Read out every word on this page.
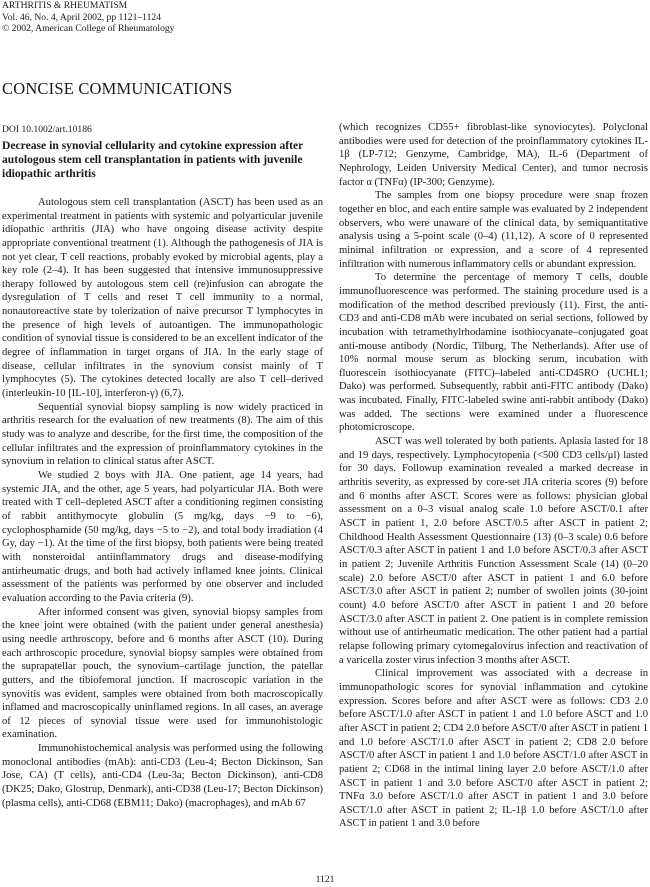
ARTHRITIS & RHEUMATISM
Vol. 46, No. 4, April 2002, pp 1121–1124
© 2002, American College of Rheumatology
CONCISE COMMUNICATIONS
DOI 10.1002/art.10186
Decrease in synovial cellularity and cytokine expression after autologous stem cell transplantation in patients with juvenile idiopathic arthritis

Autologous stem cell transplantation (ASCT) has been used as an experimental treatment in patients with systemic and polyarticular juvenile idiopathic arthritis (JIA) who have ongoing disease activity despite appropriate conventional treatment (1). Although the pathogenesis of JIA is not yet clear, T cell reactions, probably evoked by microbial agents, play a key role (2–4). It has been suggested that intensive immunosuppressive therapy followed by autologous stem cell (re)infusion can abrogate the dysregulation of T cells and reset T cell immunity to a normal, nonautoreactive state by tolerization of naive precursor T lymphocytes in the presence of high levels of autoantigen. The immunopathologic condition of synovial tissue is considered to be an excellent indicator of the degree of inflammation in target organs of JIA. In the early stage of disease, cellular infiltrates in the synovium consist mainly of T lymphocytes (5). The cytokines detected locally are also T cell–derived (interleukin-10 [IL-10], interferon-γ) (6,7).

Sequential synovial biopsy sampling is now widely practiced in arthritis research for the evaluation of new treatments (8). The aim of this study was to analyze and describe, for the first time, the composition of the cellular infiltrates and the expression of proinflammatory cytokines in the synovium in relation to clinical status after ASCT.

We studied 2 boys with JIA. One patient, age 14 years, had systemic JIA, and the other, age 5 years, had polyarticular JIA. Both were treated with T cell–depleted ASCT after a conditioning regimen consisting of rabbit antithymocyte globulin (5 mg/kg, days −9 to −6), cyclophosphamide (50 mg/kg, days −5 to −2), and total body irradiation (4 Gy, day −1). At the time of the first biopsy, both patients were being treated with nonsteroidal antiinflammatory drugs and disease-modifying antirheumatic drugs, and both had actively inflamed knee joints. Clinical assessment of the patients was performed by one observer and included evaluation according to the Pavia criteria (9).

After informed consent was given, synovial biopsy samples from the knee joint were obtained (with the patient under general anesthesia) using needle arthroscopy, before and 6 months after ASCT (10). During each arthroscopic procedure, synovial biopsy samples were obtained from the suprapatellar pouch, the synovium–cartilage junction, the patellar gutters, and the tibiofemoral junction. If macroscopic variation in the synovitis was evident, samples were obtained from both macroscopically inflamed and macroscopically uninflamed regions. In all cases, an average of 12 pieces of synovial tissue were used for immunohistologic examination.

Immunohistochemical analysis was performed using the following monoclonal antibodies (mAb): anti-CD3 (Leu-4; Becton Dickinson, San Jose, CA) (T cells), anti-CD4 (Leu-3a; Becton Dickinson), anti-CD8 (DK25; Dako, Glostrup, Denmark), anti-CD38 (Leu-17; Becton Dickinson) (plasma cells), anti-CD68 (EBM11; Dako) (macrophages), and mAb 67

(which recognizes CD55+ fibroblast-like synoviocytes). Polyclonal antibodies were used for detection of the proinflammatory cytokines IL-1β (LP-712; Genzyme, Cambridge, MA), IL-6 (Department of Nephrology, Leiden University Medical Center), and tumor necrosis factor α (TNFα) (IP-300; Genzyme).

The samples from one biopsy procedure were snap frozen together en bloc, and each entire sample was evaluated by 2 independent observers, who were unaware of the clinical data, by semiquantitative analysis using a 5-point scale (0–4) (11,12). A score of 0 represented minimal infiltration or expression, and a score of 4 represented infiltration with numerous inflammatory cells or abundant expression.

To determine the percentage of memory T cells, double immunofluorescence was performed. The staining procedure used is a modification of the method described previously (11). First, the anti-CD3 and anti-CD8 mAb were incubated on serial sections, followed by incubation with tetramethylrhodamine isothiocyanate–conjugated goat anti-mouse antibody (Nordic, Tilburg, The Netherlands). After use of 10% normal mouse serum as blocking serum, incubation with fluorescein isothiocyanate (FITC)–labeled anti-CD45RO (UCHL1; Dako) was performed. Subsequently, rabbit anti-FITC antibody (Dako) was incubated. Finally, FITC-labeled swine anti-rabbit antibody (Dako) was added. The sections were examined under a fluorescence photomicroscope.

ASCT was well tolerated by both patients. Aplasia lasted for 18 and 19 days, respectively. Lymphocytopenia (<500 CD3 cells/μl) lasted for 30 days. Followup examination revealed a marked decrease in arthritis severity, as expressed by core-set JIA criteria scores (9) before and 6 months after ASCT. Scores were as follows: physician global assessment on a 0–3 visual analog scale 1.0 before ASCT/0.1 after ASCT in patient 1, 2.0 before ASCT/0.5 after ASCT in patient 2; Childhood Health Assessment Questionnaire (13) (0–3 scale) 0.6 before ASCT/0.3 after ASCT in patient 1 and 1.0 before ASCT/0.3 after ASCT in patient 2; Juvenile Arthritis Function Assessment Scale (14) (0–20 scale) 2.0 before ASCT/0 after ASCT in patient 1 and 6.0 before ASCT/3.0 after ASCT in patient 2; number of swollen joints (30-joint count) 4.0 before ASCT/0 after ASCT in patient 1 and 20 before ASCT/3.0 after ASCT in patient 2. One patient is in complete remission without use of antirheumatic medication. The other patient had a partial relapse following primary cytomegalovirus infection and reactivation of a varicella zoster virus infection 3 months after ASCT.

Clinical improvement was associated with a decrease in immunopathologic scores for synovial inflammation and cytokine expression. Scores before and after ASCT were as follows: CD3 2.0 before ASCT/1.0 after ASCT in patient 1 and 1.0 before ASCT and 1.0 after ASCT in patient 2; CD4 2.0 before ASCT/0 after ASCT in patient 1 and 1.0 before ASCT/1.0 after ASCT in patient 2; CD8 2.0 before ASCT/0 after ASCT in patient 1 and 1.0 before ASCT/1.0 after ASCT in patient 2; CD68 in the intimal lining layer 2.0 before ASCT/1.0 after ASCT in patient 1 and 3.0 before ASCT/0 after ASCT in patient 2; TNFα 3.0 before ASCT/1.0 after ASCT in patient 1 and 3.0 before ASCT/1.0 after ASCT in patient 2; IL-1β 1.0 before ASCT/1.0 after ASCT in patient 1 and 3.0 before

1121
